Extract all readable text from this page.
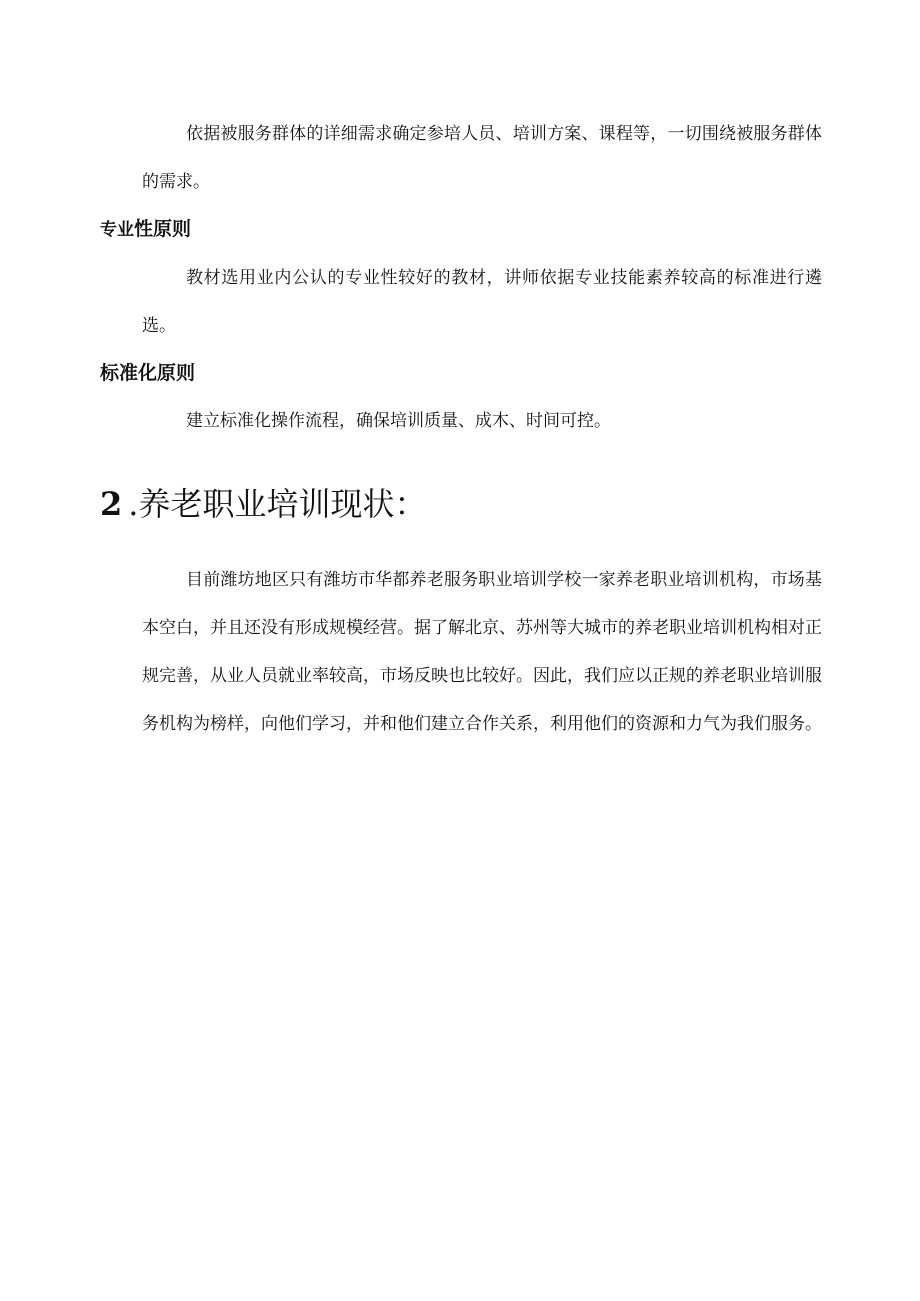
依据被服务群体的详细需求确定参培人员、培训方案、课程等，一切围绕被服务群体的需求。

专业性原则

教材选用业内公认的专业性较好的教材，讲师依据专业技能素养较高的标准进行遴选。

标准化原则

建立标准化操作流程，确保培训质量、成木、时间可控。

2 .养老职业培训现状：

目前潍坊地区只有潍坊市华都养老服务职业培训学校一家养老职业培训机构，市场基本空白，并且还没有形成规模经营。据了解北京、苏州等大城市的养老职业培训机构相对正规完善，从业人员就业率较高，市场反映也比较好。因此，我们应以正规的养老职业培训服务机构为榜样，向他们学习，并和他们建立合作关系，利用他们的资源和力气为我们服务。
